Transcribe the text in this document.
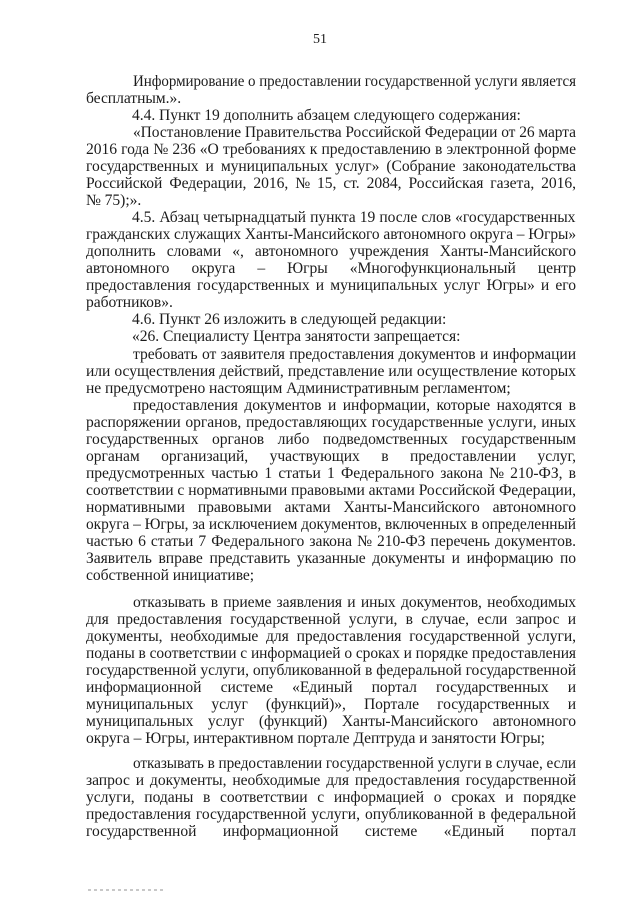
51
Информирование о предоставлении государственной услуги является
бесплатным.».
4.4. Пункт 19 дополнить абзацем следующего содержания:
«Постановление Правительства Российской Федерации от 26 марта
2016 года № 236 «О требованиях к предоставлению в электронной форме
государственных и муниципальных услуг» (Собрание законодательства
Российской Федерации, 2016, № 15, ст. 2084, Российская газета, 2016,
№ 75);».
4.5. Абзац четырнадцатый пункта 19 после слов «государственных
гражданских служащих Ханты-Мансийского автономного округа – Югры»
дополнить словами «, автономного учреждения Ханты-Мансийского
автономного округа – Югры «Многофункциональный центр
предоставления государственных и муниципальных услуг Югры» и его
работников».
4.6. Пункт 26 изложить в следующей редакции:
«26. Специалисту Центра занятости запрещается:
требовать от заявителя предоставления документов и информации
или осуществления действий, представление или осуществление которых
не предусмотрено настоящим Административным регламентом;
предоставления документов и информации, которые находятся в
распоряжении органов, предоставляющих государственные услуги, иных
государственных органов либо подведомственных государственным
органам организаций, участвующих в предоставлении услуг,
предусмотренных частью 1 статьи 1 Федерального закона № 210-ФЗ, в
соответствии с нормативными правовыми актами Российской Федерации,
нормативными правовыми актами Ханты-Мансийского автономного
округа – Югры, за исключением документов, включенных в определенный
частью 6 статьи 7 Федерального закона № 210-ФЗ перечень документов.
Заявитель вправе представить указанные документы и информацию по
собственной инициативе;
отказывать в приеме заявления и иных документов, необходимых
для предоставления государственной услуги, в случае, если запрос и
документы, необходимые для предоставления государственной услуги,
поданы в соответствии с информацией о сроках и порядке предоставления
государственной услуги, опубликованной в федеральной государственной
информационной системе «Единый портал государственных и
муниципальных услуг (функций)», Портале государственных и
муниципальных услуг (функций) Ханты-Мансийского автономного
округа – Югры, интерактивном портале Дептруда и занятости Югры;
отказывать в предоставлении государственной услуги в случае, если
запрос и документы, необходимые для предоставления государственной
услуги, поданы в соответствии с информацией о сроках и порядке
предоставления государственной услуги, опубликованной в федеральной
государственной информационной системе «Единый портал
